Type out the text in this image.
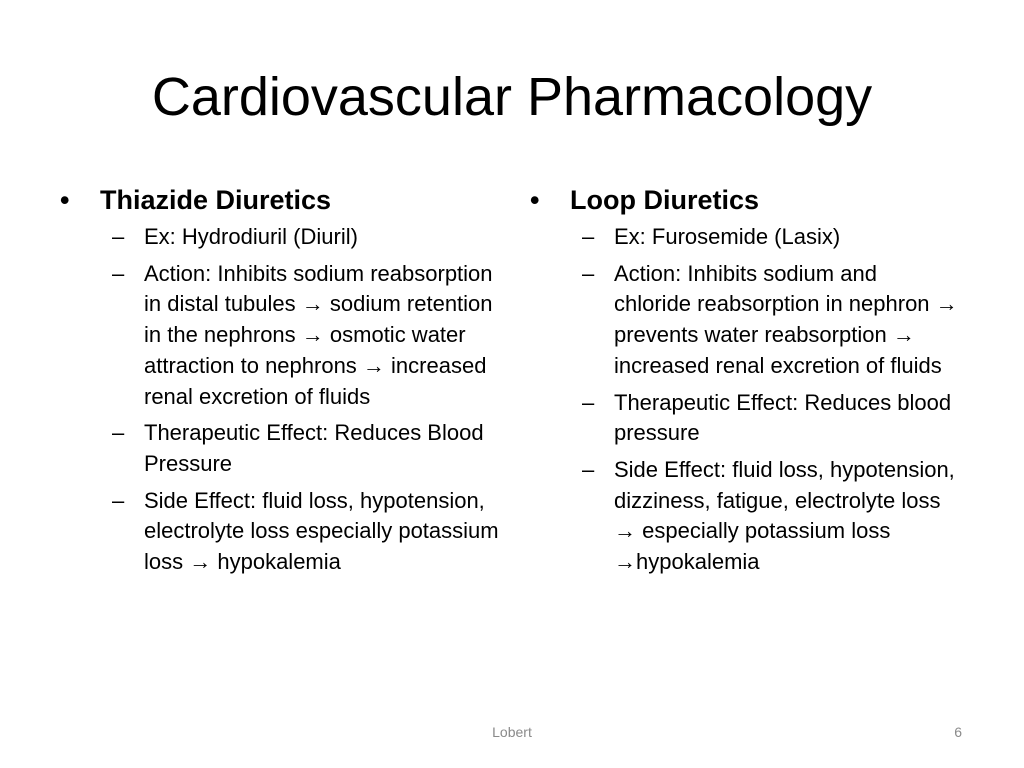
Cardiovascular Pharmacology
•	Thiazide Diuretics
– Ex: Hydrodiuril (Diuril)
– Action: Inhibits sodium reabsorption in distal tubules → sodium retention in the nephrons → osmotic water attraction to nephrons → increased renal excretion of fluids
– Therapeutic Effect: Reduces Blood Pressure
– Side Effect: fluid loss, hypotension, electrolyte loss especially potassium loss → hypokalemia
•	Loop Diuretics
– Ex: Furosemide (Lasix)
– Action: Inhibits sodium and chloride reabsorption in nephron → prevents water reabsorption → increased renal excretion of fluids
– Therapeutic Effect: Reduces blood pressure
– Side Effect: fluid loss, hypotension, dizziness, fatigue, electrolyte loss → especially potassium loss →hypokalemia
Lobert	6
